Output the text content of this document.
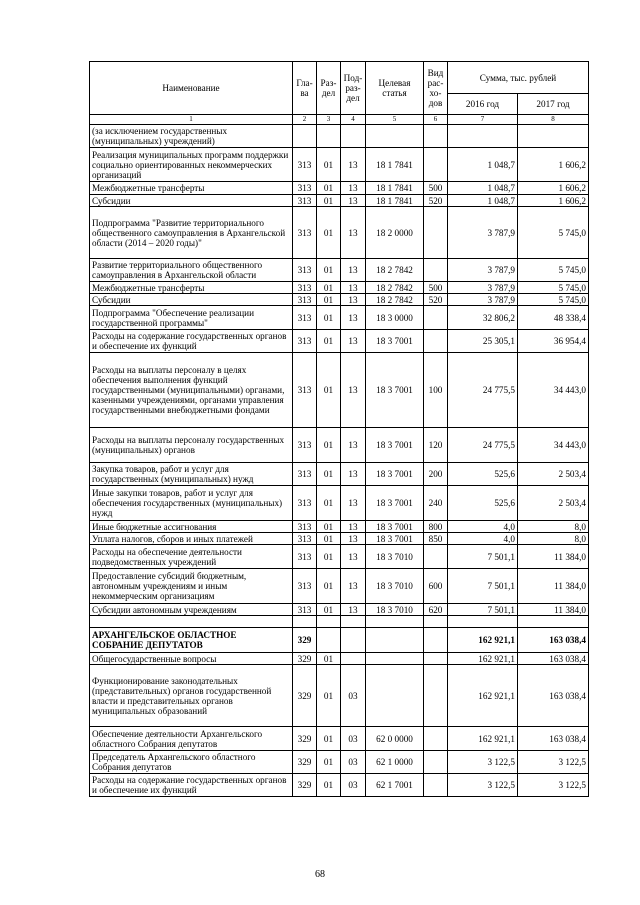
Наименование	Гла-ва	Раз-дел	Под-раз-дел	Целевая статья	Вид рас-хо-дов	Сумма, тыс. рублей	
						2016 год	2017 год
1	2	3	4	5	6	7	8
(за исключением государственных (муниципальных) учреждений)							
Реализация муниципальных программ поддержки социально ориентированных некоммерческих организаций	313	01	13	18 1 7841		1 048,7	1 606,2
Межбюджетные трансферты	313	01	13	18 1 7841	500	1 048,7	1 606,2
Субсидии	313	01	13	18 1 7841	520	1 048,7	1 606,2
Подпрограмма "Развитие территориального общественного самоуправления в Архангельской области (2014 – 2020 годы)"	313	01	13	18 2 0000		3 787,9	5 745,0
Развитие территориального общественного самоуправления в Архангельской области	313	01	13	18 2 7842		3 787,9	5 745,0
Межбюджетные трансферты	313	01	13	18 2 7842	500	3 787,9	5 745,0
Субсидии	313	01	13	18 2 7842	520	3 787,9	5 745,0
Подпрограмма "Обеспечение реализации государственной программы"	313	01	13	18 3 0000		32 806,2	48 338,4
Расходы на содержание государственных органов и обеспечение их функций	313	01	13	18 3 7001		25 305,1	36 954,4
Расходы на выплаты персоналу в целях обеспечения выполнения функций государственными (муниципальными) органами, казенными учреждениями, органами управления государственными внебюджетными фондами	313	01	13	18 3 7001	100	24 775,5	34 443,0
Расходы на выплаты персоналу государственных (муниципальных) органов	313	01	13	18 3 7001	120	24 775,5	34 443,0
Закупка товаров, работ и услуг для государственных (муниципальных) нужд	313	01	13	18 3 7001	200	525,6	2 503,4
Иные закупки товаров, работ и услуг для обеспечения государственных (муниципальных) нужд	313	01	13	18 3 7001	240	525,6	2 503,4
Иные бюджетные ассигнования	313	01	13	18 3 7001	800	4,0	8,0
Уплата налогов, сборов и иных платежей	313	01	13	18 3 7001	850	4,0	8,0
Расходы на обеспечение деятельности подведомственных учреждений	313	01	13	18 3 7010		7 501,1	11 384,0
Предоставление субсидий бюджетным, автономным учреждениям и иным некоммерческим организациям	313	01	13	18 3 7010	600	7 501,1	11 384,0
Субсидии автономным учреждениям	313	01	13	18 3 7010	620	7 501,1	11 384,0

АРХАНГЕЛЬСКОЕ ОБЛАСТНОЕ СОБРАНИЕ ДЕПУТАТОВ	329					162 921,1	163 038,4
Общегосударственные вопросы	329	01				162 921,1	163 038,4
Функционирование законодательных (представительных) органов государственной власти и представительных органов муниципальных образований	329	01	03			162 921,1	163 038,4
Обеспечение деятельности Архангельского областного Собрания депутатов	329	01	03	62 0 0000		162 921,1	163 038,4
Председатель Архангельского областного Собрания депутатов	329	01	03	62 1 0000		3 122,5	3 122,5
Расходы на содержание государственных органов и обеспечение их функций	329	01	03	62 1 7001		3 122,5	3 122,5
68
